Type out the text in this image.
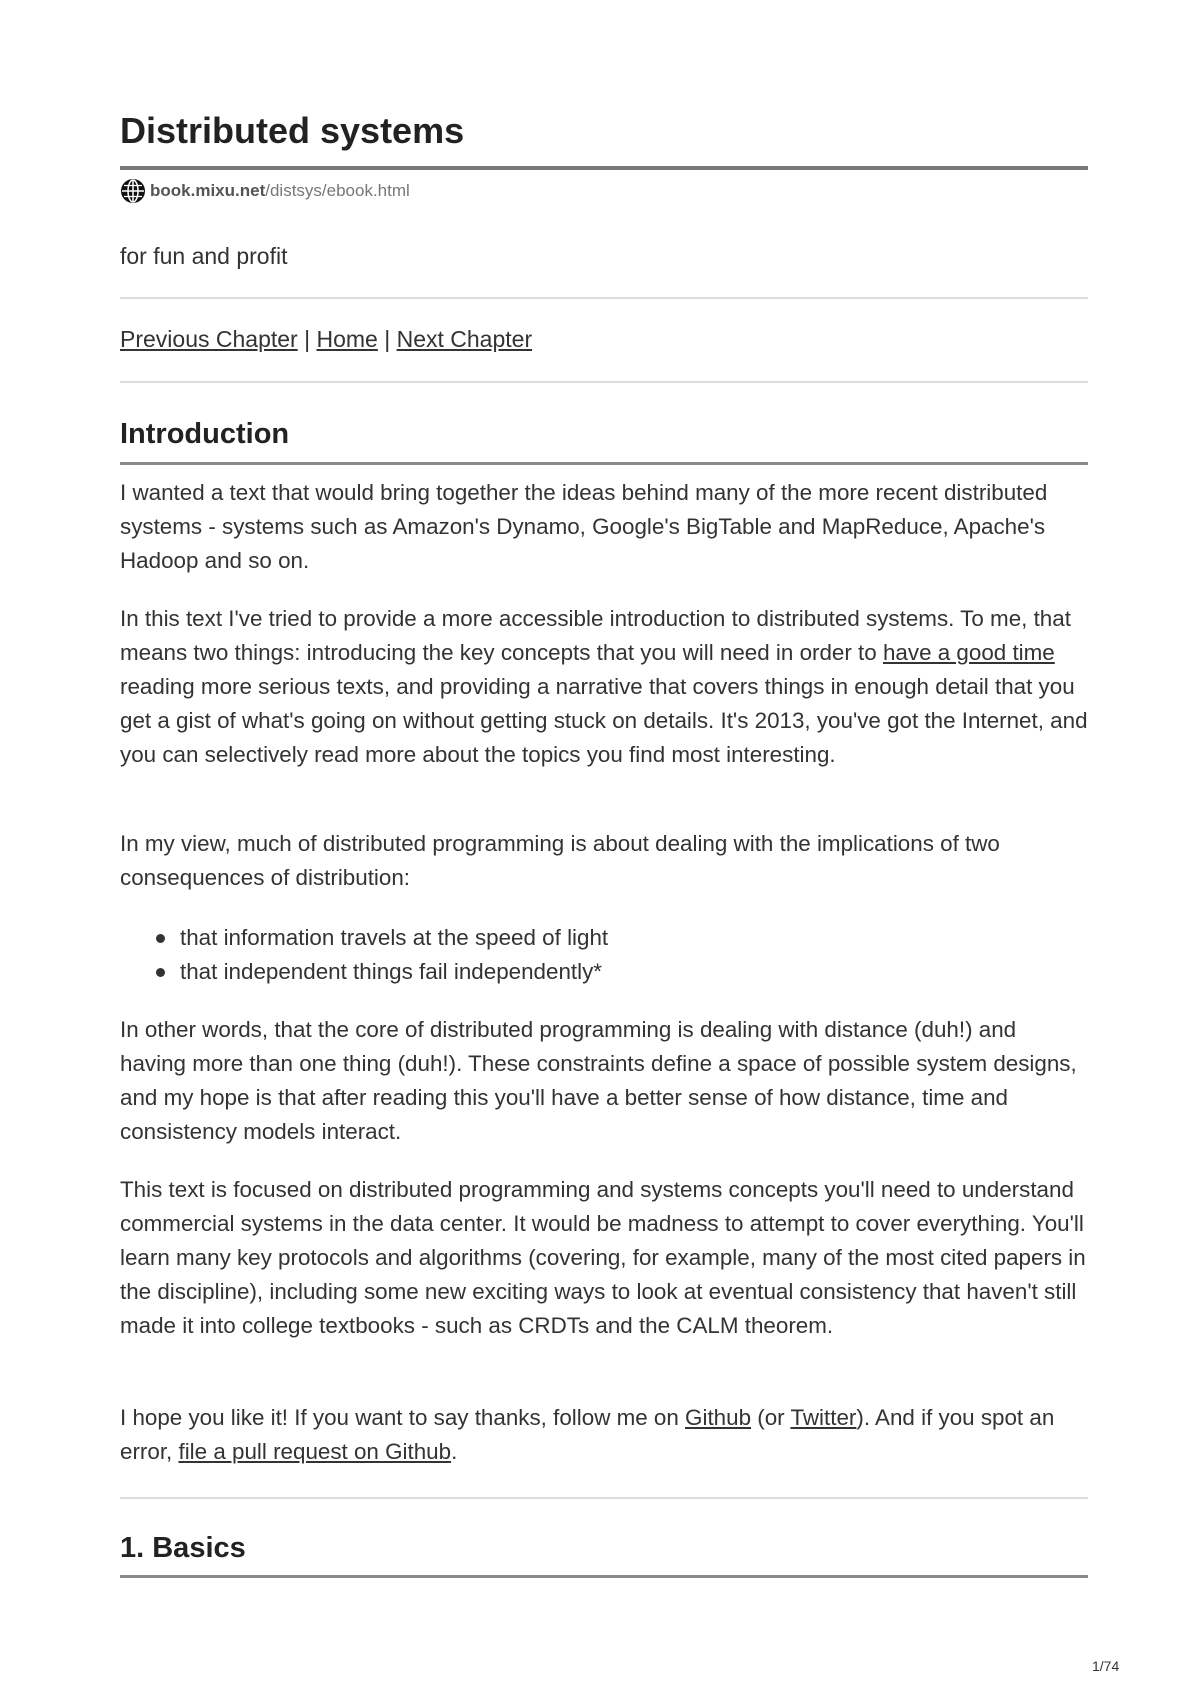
Distributed systems
book.mixu.net /distsys/ebook.html
for fun and profit
Previous Chapter | Home | Next Chapter
Introduction

I wanted a text that would bring together the ideas behind many of the more recent distributed systems - systems such as Amazon's Dynamo, Google's BigTable and MapReduce, Apache's Hadoop and so on.

In this text I've tried to provide a more accessible introduction to distributed systems. To me, that means two things: introducing the key concepts that you will need in order to have a good time reading more serious texts, and providing a narrative that covers things in enough detail that you get a gist of what's going on without getting stuck on details. It's 2013, you've got the Internet, and you can selectively read more about the topics you find most interesting.

In my view, much of distributed programming is about dealing with the implications of two consequences of distribution:

that information travels at the speed of light
that independent things fail independently*

In other words, that the core of distributed programming is dealing with distance (duh!) and having more than one thing (duh!). These constraints define a space of possible system designs, and my hope is that after reading this you'll have a better sense of how distance, time and consistency models interact.

This text is focused on distributed programming and systems concepts you'll need to understand commercial systems in the data center. It would be madness to attempt to cover everything. You'll learn many key protocols and algorithms (covering, for example, many of the most cited papers in the discipline), including some new exciting ways to look at eventual consistency that haven't still made it into college textbooks - such as CRDTs and the CALM theorem.

I hope you like it! If you want to say thanks, follow me on Github (or Twitter). And if you spot an error, file a pull request on Github.

1. Basics
1/74
